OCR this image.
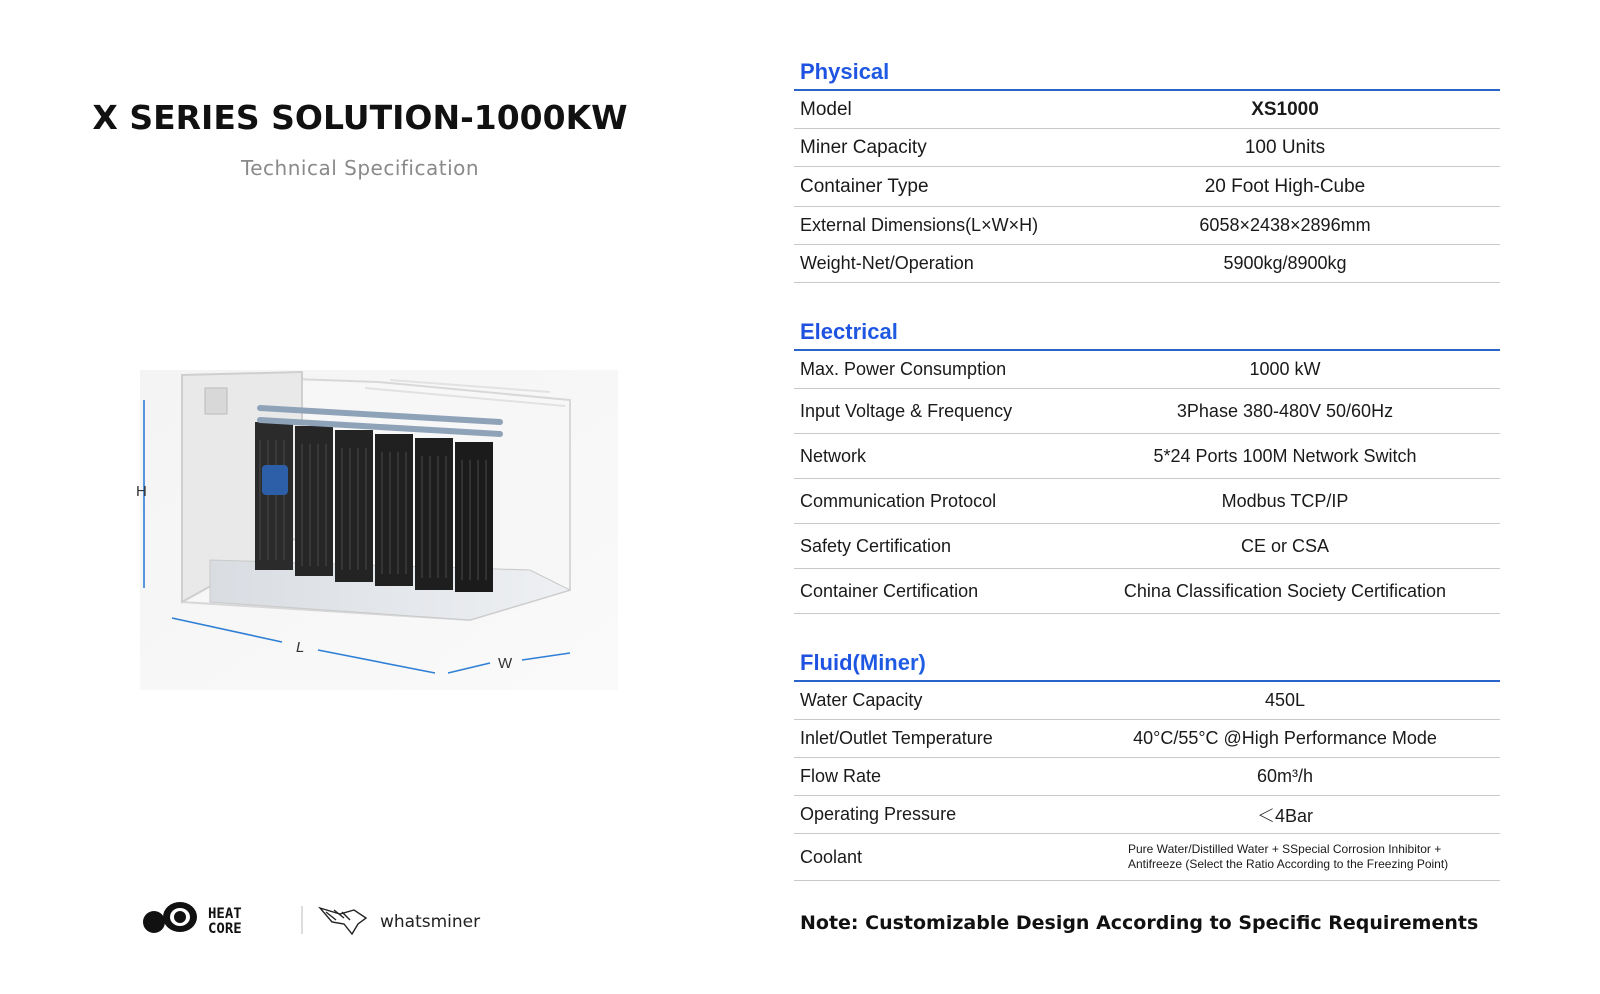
X SERIES SOLUTION-1000KW
Technical Specification
H
L
W
HEAT
CORE	whatsminer
Physical
Model	XS1000
Miner Capacity	100 Units
Container Type	20 Foot High-Cube
External Dimensions(L×W×H)	6058×2438×2896mm
Weight-Net/Operation	5900kg/8900kg
Electrical
Max. Power Consumption	1000 kW
Input Voltage & Frequency	3Phase 380-480V 50/60Hz
Network	5*24 Ports 100M Network Switch
Communication Protocol	Modbus TCP/IP
Safety Certification	CE or CSA
Container Certification	China Classification Society Certification
Fluid(Miner)
Water Capacity	450L
Inlet/Outlet Temperature	40°C/55°C @High Performance Mode
Flow Rate	60m³/h
Operating Pressure	＜4Bar
Coolant	Pure Water/Distilled Water + SSpecial Corrosion Inhibitor +
Antifreeze (Select the Ratio According to the Freezing Point)
Note: Customizable Design According to Specific Requirements
